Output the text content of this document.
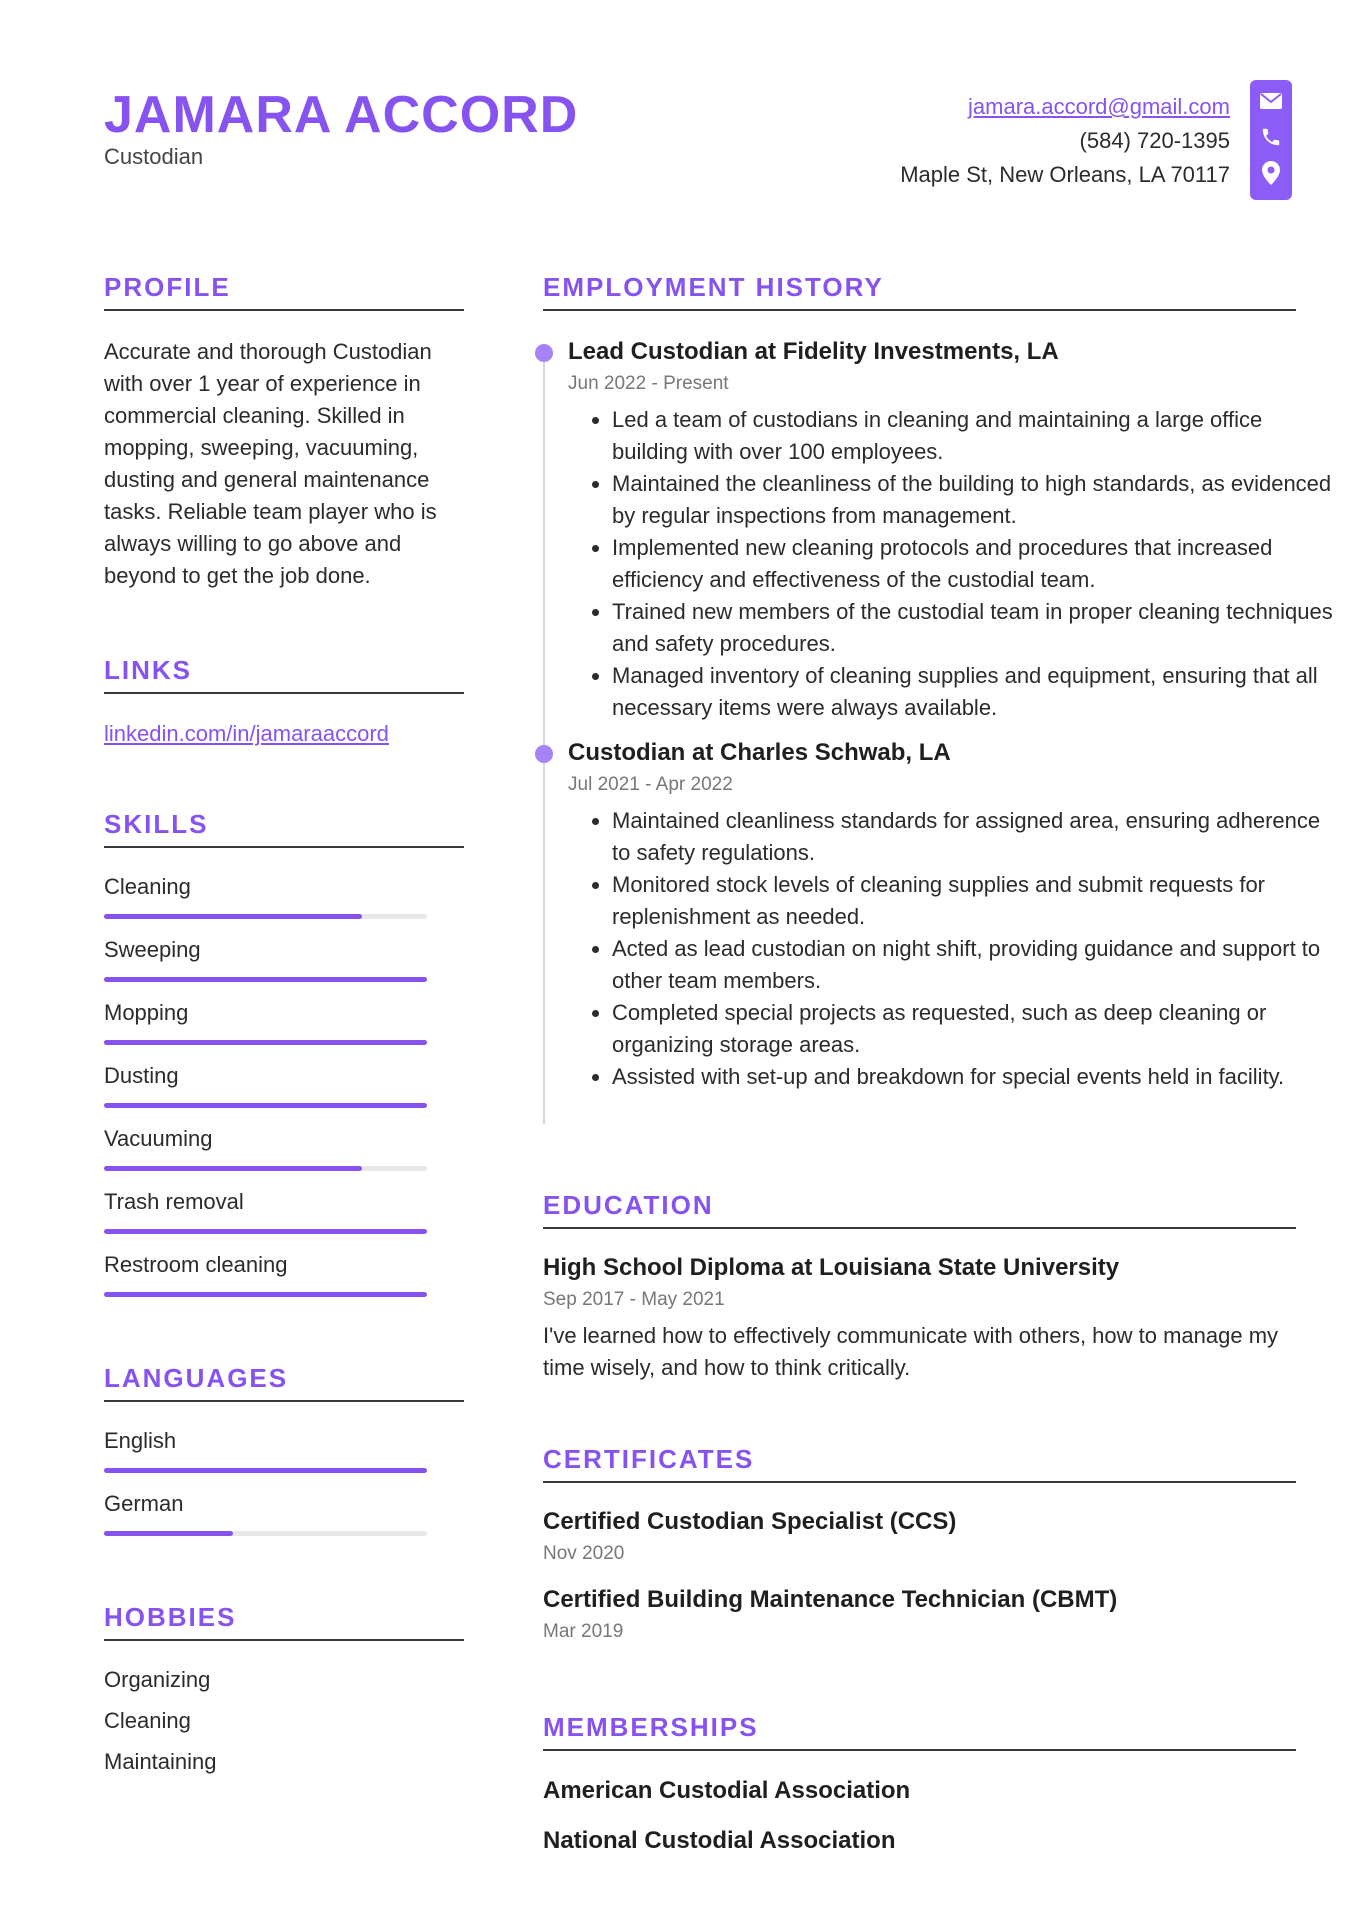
JAMARA ACCORD
Custodian
jamara.accord@gmail.com
(584) 720-1395
Maple St, New Orleans, LA 70117
PROFILE

Accurate and thorough Custodian with over 1 year of experience in commercial cleaning. Skilled in mopping, sweeping, vacuuming, dusting and general maintenance tasks. Reliable team player who is always willing to go above and beyond to get the job done.

LINKS
linkedin.com/in/jamaraaccord
SKILLS
Cleaning
Sweeping
Mopping
Dusting
Vacuuming
Trash removal
Restroom cleaning
LANGUAGES
English
German
HOBBIES
Organizing
Cleaning
Maintaining
EMPLOYMENT HISTORY
Lead Custodian at Fidelity Investments, LA
Jun 2022 - Present
• Led a team of custodians in cleaning and maintaining a large office building with over 100 employees.
• Maintained the cleanliness of the building to high standards, as evidenced by regular inspections from management.
• Implemented new cleaning protocols and procedures that increased efficiency and effectiveness of the custodial team.
• Trained new members of the custodial team in proper cleaning techniques and safety procedures.
• Managed inventory of cleaning supplies and equipment, ensuring that all necessary items were always available.
Custodian at Charles Schwab, LA
Jul 2021 - Apr 2022
• Maintained cleanliness standards for assigned area, ensuring adherence to safety regulations.
• Monitored stock levels of cleaning supplies and submit requests for replenishment as needed.
• Acted as lead custodian on night shift, providing guidance and support to other team members.
• Completed special projects as requested, such as deep cleaning or organizing storage areas.
• Assisted with set-up and breakdown for special events held in facility.
EDUCATION
High School Diploma at Louisiana State University
Sep 2017 - May 2021

I've learned how to effectively communicate with others, how to manage my time wisely, and how to think critically.

CERTIFICATES
Certified Custodian Specialist (CCS)
Nov 2020
Certified Building Maintenance Technician (CBMT)
Mar 2019
MEMBERSHIPS
American Custodial Association
National Custodial Association
